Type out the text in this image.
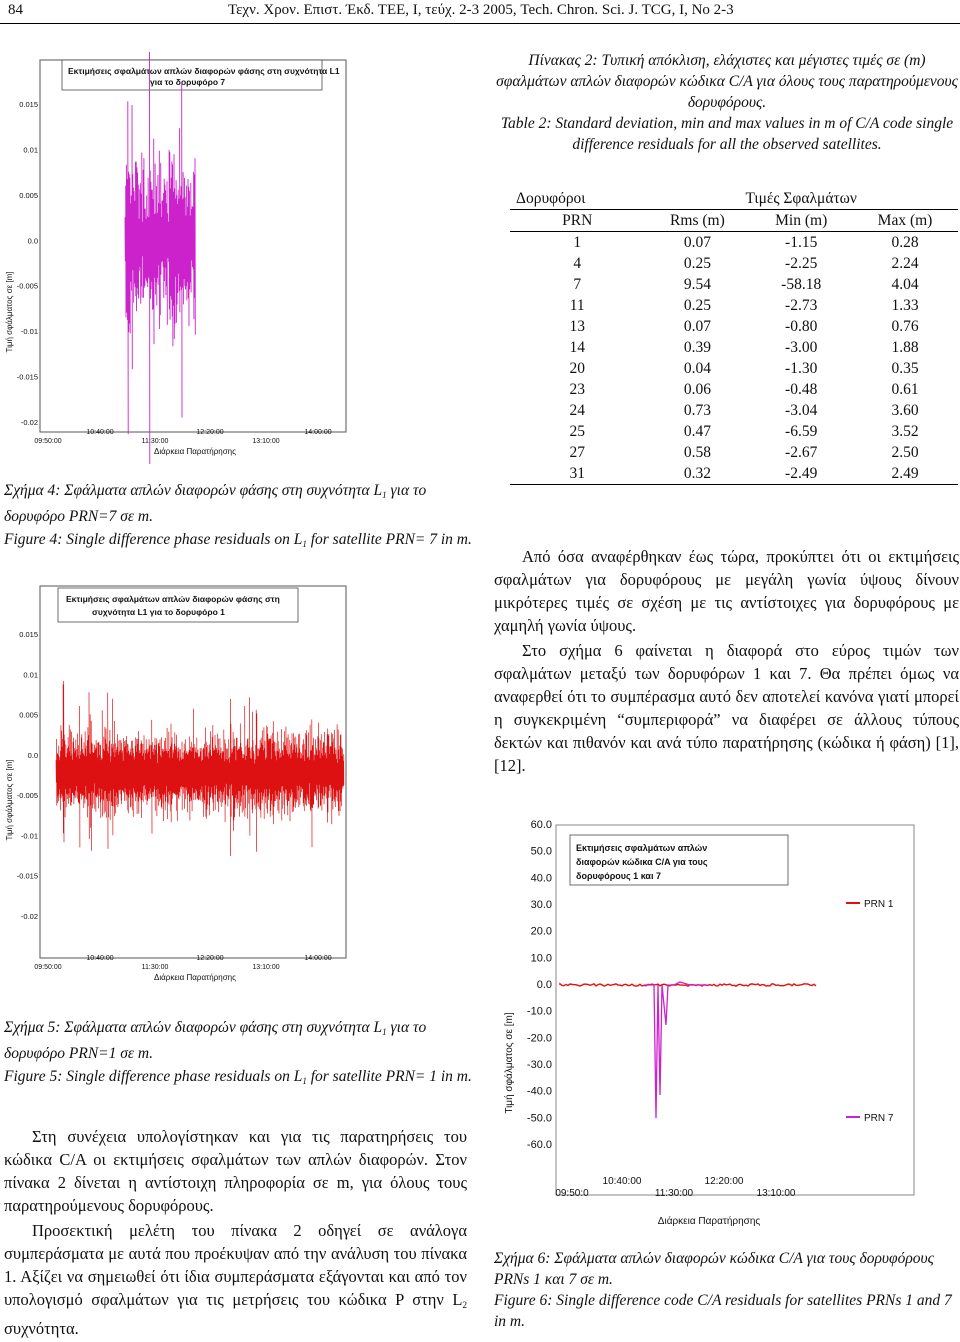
84	Τεχν. Χρον. Επιστ. Έκδ. ΤΕΕ, Ι, τεύχ. 2-3 2005, Tech. Chron. Sci. J. TCG, I, No 2-3
Εκτιμήσεις σφαλμάτων απλών διαφορών φάσης στη συχνότητα L1
για το δορυφόρο 7
0.015
0.01
0.005
0.0
-0.005
-0.01
-0.015
-0.02
10:40:00	12:20:00	14:00:00
09:50:00	11:30:00	13:10:00
Τιμή σφάλματος σε [m]
Διάρκεια Παρατήρησης
Σχήμα 4: Σφάλματα απλών διαφορών φάσης στη συχνότητα $L_1$ για το δορυφόρο PRN=7 σε m.
Figure 4: Single difference phase residuals on $L_1$ for satellite PRN= 7 in m.
Εκτιμήσεις σφαλμάτων απλών διαφορών φάσης στη
συχνότητα L1 για το δορυφόρο 1
0.015
0.01
0.005
0.0
-0.005
-0.01
-0.015
-0.02
10:40:00	12:20:00	14:00:00
09:50:00	11:30:00	13:10:00
Τιμή σφάλματος σε [m]
Διάρκεια Παρατήρησης
Σχήμα 5: Σφάλματα απλών διαφορών φάσης στη συχνότητα $L_1$ για το δορυφόρο PRN=1 σε m.
Figure 5: Single difference phase residuals on $L_1$ for satellite PRN= 1 in m.

Στη συνέχεια υπολογίστηκαν και για τις παρατηρήσεις του κώδικα C/A οι εκτιμήσεις σφαλμάτων των απλών διαφορών. Στον πίνακα 2 δίνεται η αντίστοιχη πληροφορία σε m, για όλους τους παρατηρούμενους δορυφόρους.

Προσεκτική μελέτη του πίνακα 2 οδηγεί σε ανάλογα συμπεράσματα με αυτά που προέκυψαν από την ανάλυση του πίνακα 1. Αξίζει να σημειωθεί ότι ίδια συμπεράσματα εξάγονται και από τον υπολογισμό σφαλμάτων για τις μετρήσεις του κώδικα P στην $L_2$ συχνότητα.

Πίνακας 2: Τυπική απόκλιση, ελάχιστες και μέγιστες τιμές σε (m) σφαλμάτων απλών διαφορών κώδικα C/A για όλους τους παρατηρούμενους δορυφόρους.
Table 2: Standard deviation, min and max values in m of C/A code single difference residuals for all the observed satellites.
Δορυφόροι	Τιμές Σφαλμάτων		
PRN	Rms (m)	Min (m)	Max (m)
1	0.07	-1.15	0.28
4	0.25	-2.25	2.24
7	9.54	-58.18	4.04
11	0.25	-2.73	1.33
13	0.07	-0.80	0.76
14	0.39	-3.00	1.88
20	0.04	-1.30	0.35
23	0.06	-0.48	0.61
24	0.73	-3.04	3.60
25	0.47	-6.59	3.52
27	0.58	-2.67	2.50
31	0.32	-2.49	2.49

Από όσα αναφέρθηκαν έως τώρα, προκύπτει ότι οι εκτιμήσεις σφαλμάτων για δορυφόρους με μεγάλη γωνία ύψους δίνουν μικρότερες τιμές σε σχέση με τις αντίστοιχες για δορυφόρους με χαμηλή γωνία ύψους.

Στο σχήμα 6 φαίνεται η διαφορά στο εύρος τιμών των σφαλμάτων μεταξύ των δορυφόρων 1 και 7. Θα πρέπει όμως να αναφερθεί ότι το συμπέρασμα αυτό δεν αποτελεί κανόνα γιατί μπορεί η συγκεκριμένη “συμπεριφορά” να διαφέρει σε άλλους τύπους δεκτών και πιθανόν και ανά τύπο παρατήρησης (κώδικα ή φάση) [1],[12].

Εκτιμήσεις σφαλμάτων απλών
διαφορών κώδικα C/A για τους
δορυφόρους 1 και 7
60.0
50.0
40.0
30.0
20.0
10.0
0.0
-10.0
-20.0
-30.0
-40.0
-50.0
-60.0
PRN 1
PRN 7
10:40:00	12:20:00
09:50:0	11:30:00	13:10:00
Τιμή σφάλματος σε [m]
Διάρκεια Παρατήρησης
Σχήμα 6: Σφάλματα απλών διαφορών κώδικα C/A για τους δορυφόρους PRNs 1 και 7 σε m.
Figure 6: Single difference code C/A residuals for satellites PRNs 1 and 7 in m.
